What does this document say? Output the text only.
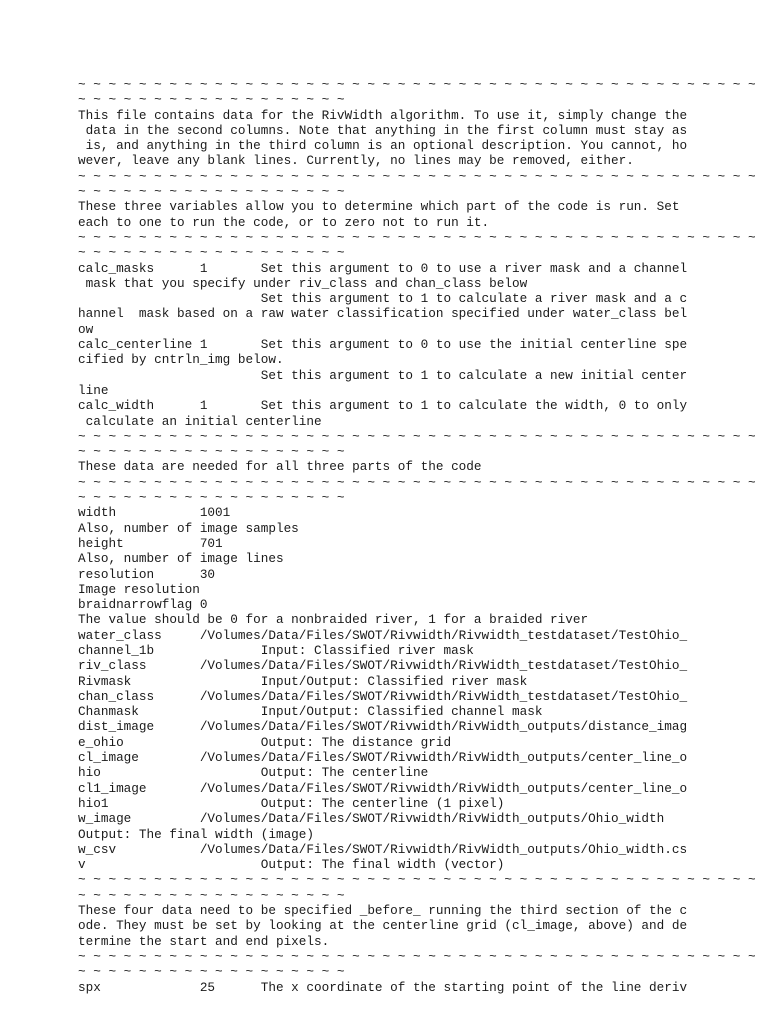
~ ~ ~ ~ ~ ~ ~ ~ ~ ~ ~ ~ ~ ~ ~ ~ ~ ~ ~ ~ ~ ~ ~ ~ ~ ~ ~ ~ ~ ~ ~ ~ ~ ~ ~ ~ ~ ~ ~ ~ ~ ~ ~ ~ ~
~ ~ ~ ~ ~ ~ ~ ~ ~ ~ ~ ~ ~ ~ ~ ~ ~ ~
This file contains data for the RivWidth algorithm. To use it, simply change the
data in the second columns. Note that anything in the first column must stay as
is, and anything in the third column is an optional description. You cannot, ho
wever, leave any blank lines. Currently, no lines may be removed, either.
~ ~ ~ ~ ~ ~ ~ ~ ~ ~ ~ ~ ~ ~ ~ ~ ~ ~ ~ ~ ~ ~ ~ ~ ~ ~ ~ ~ ~ ~ ~ ~ ~ ~ ~ ~ ~ ~ ~ ~ ~ ~ ~ ~ ~
~ ~ ~ ~ ~ ~ ~ ~ ~ ~ ~ ~ ~ ~ ~ ~ ~ ~
These three variables allow you to determine which part of the code is run. Set
each to one to run the code, or to zero not to run it.
~ ~ ~ ~ ~ ~ ~ ~ ~ ~ ~ ~ ~ ~ ~ ~ ~ ~ ~ ~ ~ ~ ~ ~ ~ ~ ~ ~ ~ ~ ~ ~ ~ ~ ~ ~ ~ ~ ~ ~ ~ ~ ~ ~ ~
~ ~ ~ ~ ~ ~ ~ ~ ~ ~ ~ ~ ~ ~ ~ ~ ~ ~
calc_masks      1       Set this argument to 0 to use a river mask and a channel
mask that you specify under riv_class and chan_class below
Set this argument to 1 to calculate a river mask and a c
hannel  mask based on a raw water classification specified under water_class bel
ow
calc_centerline 1       Set this argument to 0 to use the initial centerline spe
cified by cntrln_img below.
Set this argument to 1 to calculate a new initial center
line
calc_width      1       Set this argument to 1 to calculate the width, 0 to only
calculate an initial centerline
~ ~ ~ ~ ~ ~ ~ ~ ~ ~ ~ ~ ~ ~ ~ ~ ~ ~ ~ ~ ~ ~ ~ ~ ~ ~ ~ ~ ~ ~ ~ ~ ~ ~ ~ ~ ~ ~ ~ ~ ~ ~ ~ ~ ~
~ ~ ~ ~ ~ ~ ~ ~ ~ ~ ~ ~ ~ ~ ~ ~ ~ ~
These data are needed for all three parts of the code
~ ~ ~ ~ ~ ~ ~ ~ ~ ~ ~ ~ ~ ~ ~ ~ ~ ~ ~ ~ ~ ~ ~ ~ ~ ~ ~ ~ ~ ~ ~ ~ ~ ~ ~ ~ ~ ~ ~ ~ ~ ~ ~ ~ ~
~ ~ ~ ~ ~ ~ ~ ~ ~ ~ ~ ~ ~ ~ ~ ~ ~ ~
width           1001
Also, number of image samples
height          701
Also, number of image lines
resolution      30
Image resolution
braidnarrowflag 0
The value should be 0 for a nonbraided river, 1 for a braided river
water_class     /Volumes/Data/Files/SWOT/Rivwidth/Rivwidth_testdataset/TestOhio_
channel_1b              Input: Classified river mask
riv_class       /Volumes/Data/Files/SWOT/Rivwidth/RivWidth_testdataset/TestOhio_
Rivmask                 Input/Output: Classified river mask
chan_class      /Volumes/Data/Files/SWOT/Rivwidth/RivWidth_testdataset/TestOhio_
Chanmask                Input/Output: Classified channel mask
dist_image      /Volumes/Data/Files/SWOT/Rivwidth/RivWidth_outputs/distance_imag
e_ohio                  Output: The distance grid
cl_image        /Volumes/Data/Files/SWOT/Rivwidth/RivWidth_outputs/center_line_o
hio                     Output: The centerline
cl1_image       /Volumes/Data/Files/SWOT/Rivwidth/RivWidth_outputs/center_line_o
hio1                    Output: The centerline (1 pixel)
w_image         /Volumes/Data/Files/SWOT/Rivwidth/RivWidth_outputs/Ohio_width
Output: The final width (image)
w_csv           /Volumes/Data/Files/SWOT/Rivwidth/RivWidth_outputs/Ohio_width.cs
v                       Output: The final width (vector)
~ ~ ~ ~ ~ ~ ~ ~ ~ ~ ~ ~ ~ ~ ~ ~ ~ ~ ~ ~ ~ ~ ~ ~ ~ ~ ~ ~ ~ ~ ~ ~ ~ ~ ~ ~ ~ ~ ~ ~ ~ ~ ~ ~ ~
~ ~ ~ ~ ~ ~ ~ ~ ~ ~ ~ ~ ~ ~ ~ ~ ~ ~
These four data need to be specified _before_ running the third section of the c
ode. They must be set by looking at the centerline grid (cl_image, above) and de
termine the start and end pixels.
~ ~ ~ ~ ~ ~ ~ ~ ~ ~ ~ ~ ~ ~ ~ ~ ~ ~ ~ ~ ~ ~ ~ ~ ~ ~ ~ ~ ~ ~ ~ ~ ~ ~ ~ ~ ~ ~ ~ ~ ~ ~ ~ ~ ~
~ ~ ~ ~ ~ ~ ~ ~ ~ ~ ~ ~ ~ ~ ~ ~ ~ ~
spx             25      The x coordinate of the starting point of the line deriv
